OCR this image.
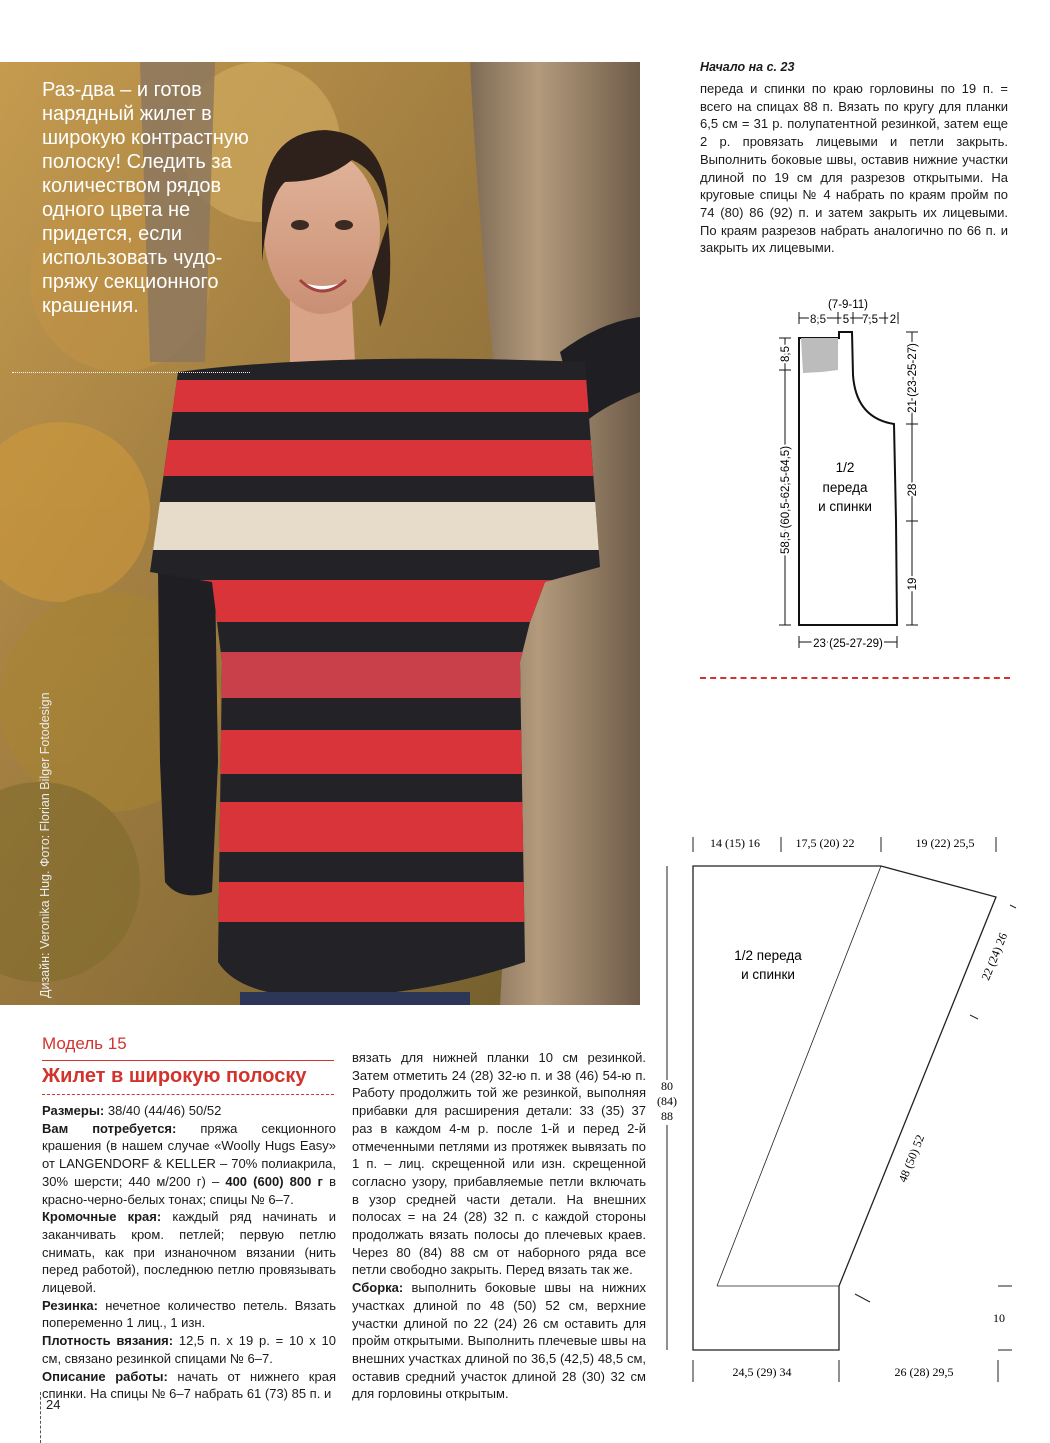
Раз-два – и готов нарядный жилет в широкую контрастную полоску! Следить за количеством рядов одного цвета не придется, если использовать чудо-пряжу секционного крашения.
Дизайн: Veronika Hug. Фото: Florian Bilger Fotodesign
Начало на с. 23
переда и спинки по краю горловины по 19 п. = всего на спицах 88 п. Вязать по кругу для планки 6,5 см = 31 р. полупатентной резинкой, затем еще 2 р. провязать лицевыми и петли закрыть. Выполнить боковые швы, оставив нижние участки длиной по 19 см для разрезов открытыми. На круговые спицы № 4 набрать по краям пройм по 74 (80) 86 (92) п. и затем закрыть их лицевыми. По краям разрезов набрать аналогично по 66 п. и закрыть их лицевыми.
(7-9-11)
8,5 5 7,5 2
8,5
58,5 (60,5-62,5-64,5)
21 (23-25-27)
28
19
23 (25-27-29)
1/2
переда
и спинки
14 (15) 16	17,5 (20) 22	19 (22) 25,5
22 (24) 26
48 (50) 52
80
(84)
88
10
24,5 (29) 34	26 (28) 29,5
1/2 переда
и спинки
Модель 15
Жилет в широкую полоску

Размеры: 38/40 (44/46) 50/52

Вам потребуется: пряжа секционного крашения (в нашем случае «Woolly Hugs Easy» от LANGENDORF & KELLER – 70% полиакрила, 30% шерсти; 440 м/200 г) – 400 (600) 800 г в красно-черно-белых тонах; спицы № 6–7.

Кромочные края: каждый ряд начинать и заканчивать кром. петлей; первую петлю снимать, как при изнаночном вязании (нить перед работой), последнюю петлю провязывать лицевой.

Резинка: нечетное количество петель. Вязать попеременно 1 лиц., 1 изн.

Плотность вязания: 12,5 п. х 19 р. = 10 х 10 см, связано резинкой спицами № 6–7.

Описание работы: начать от нижнего края спинки. На спицы № 6–7 набрать 61 (73) 85 п. и

вязать для нижней планки 10 см резинкой. Затем отметить 24 (28) 32-ю п. и 38 (46) 54-ю п. Работу продолжить той же резинкой, выполняя прибавки для расширения детали: 33 (35) 37 раз в каждом 4-м р. после 1-й и перед 2-й отмеченными петлями из протяжек вывязать по 1 п. – лиц. скрещенной или изн. скрещенной согласно узору, прибавляемые петли включать в узор средней части детали. На внешних полосах = на 24 (28) 32 п. с каждой стороны продолжать вязать полосы до плечевых краев. Через 80 (84) 88 см от наборного ряда все петли свободно закрыть. Перед вязать так же.

Сборка: выполнить боковые швы на нижних участках длиной по 48 (50) 52 см, верхние участки длиной по 22 (24) 26 см оставить для пройм открытыми. Выполнить плечевые швы на внешних участках длиной по 36,5 (42,5) 48,5 см, оставив средний участок длиной 28 (30) 32 см для горловины открытым.

24
